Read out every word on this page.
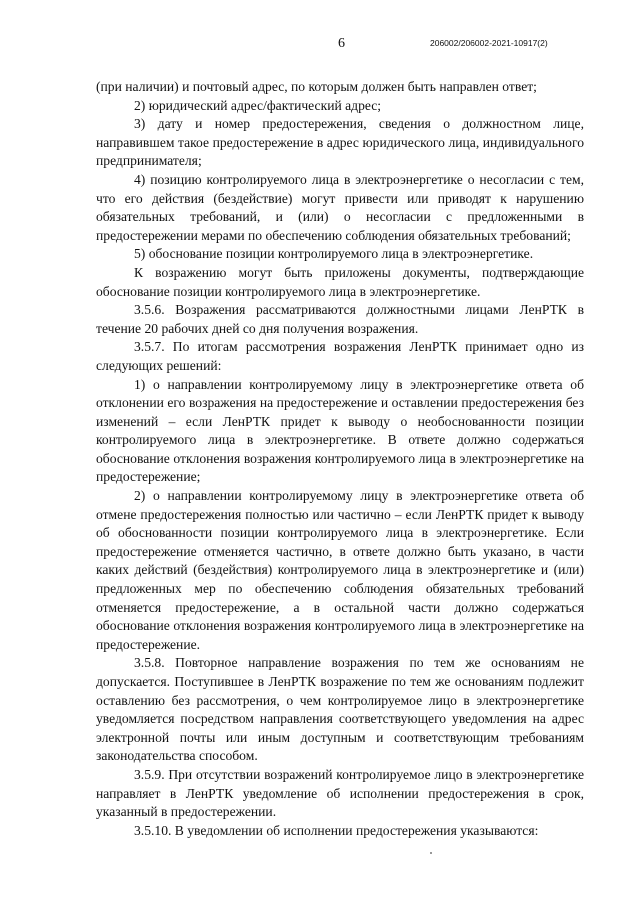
6	206002/206002-2021-10917(2)

(при наличии) и почтовый адрес, по которым должен быть направлен ответ;

2) юридический адрес/фактический адрес;

3) дату и номер предостережения, сведения о должностном лице, направившем такое предостережение в адрес юридического лица, индивидуального предпринимателя;

4) позицию контролируемого лица в электроэнергетике о несогласии с тем, что его действия (бездействие) могут привести или приводят к нарушению обязательных требований, и (или) о несогласии с предложенными в предостережении мерами по обеспечению соблюдения обязательных требований;

5) обоснование позиции контролируемого лица в электроэнергетике.

К возражению могут быть приложены документы, подтверждающие обоснование позиции контролируемого лица в электроэнергетике.

3.5.6. Возражения рассматриваются должностными лицами ЛенРТК в течение 20 рабочих дней со дня получения возражения.

3.5.7. По итогам рассмотрения возражения ЛенРТК принимает одно из следующих решений:

1) о направлении контролируемому лицу в электроэнергетике ответа об отклонении его возражения на предостережение и оставлении предостережения без изменений – если ЛенРТК придет к выводу о необоснованности позиции контролируемого лица в электроэнергетике. В ответе должно содержаться обоснование отклонения возражения контролируемого лица в электроэнергетике на предостережение;

2) о направлении контролируемому лицу в электроэнергетике ответа об отмене предостережения полностью или частично – если ЛенРТК придет к выводу об обоснованности позиции контролируемого лица в электроэнергетике. Если предостережение отменяется частично, в ответе должно быть указано, в части каких действий (бездействия) контролируемого лица в электроэнергетике и (или) предложенных мер по обеспечению соблюдения обязательных требований отменяется предостережение, а в остальной части должно содержаться обоснование отклонения возражения контролируемого лица в электроэнергетике на предостережение.

3.5.8. Повторное направление возражения по тем же основаниям не допускается. Поступившее в ЛенРТК возражение по тем же основаниям подлежит оставлению без рассмотрения, о чем контролируемое лицо в электроэнергетике уведомляется посредством направления соответствующего уведомления на адрес электронной почты или иным доступным и соответствующим требованиям законодательства способом.

3.5.9. При отсутствии возражений контролируемое лицо в электроэнергетике направляет в ЛенРТК уведомление об исполнении предостережения в срок, указанный в предостережении.

3.5.10. В уведомлении об исполнении предостережения указываются:
